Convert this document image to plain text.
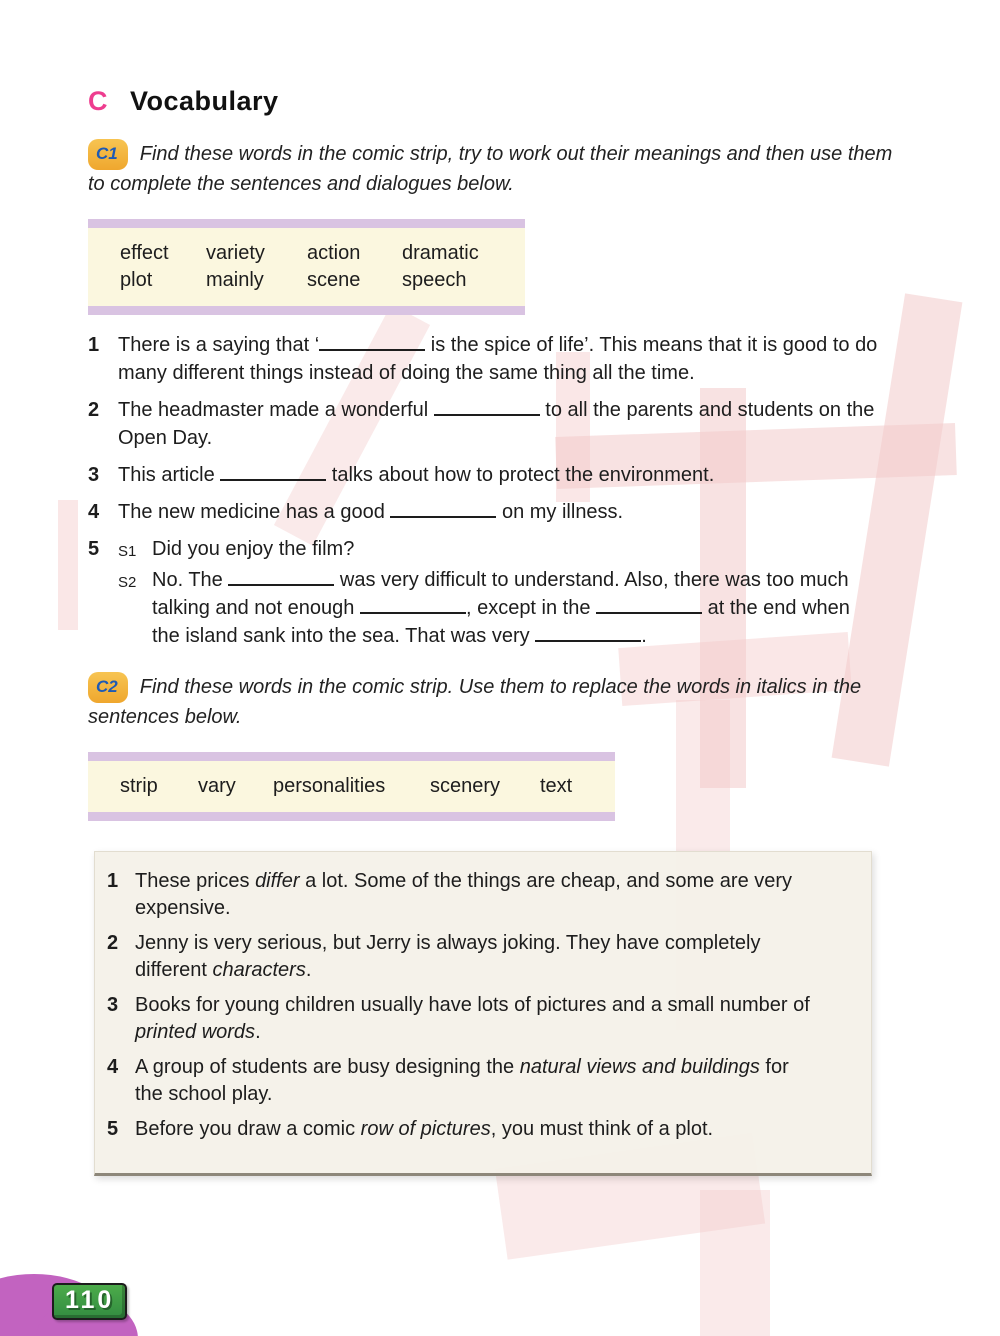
C Vocabulary

C1 Find these words in the comic strip, try to work out their meanings and then use them to complete the sentences and dialogues below.

effect variety action dramatic
plot	mainly scene speech
1 There is a saying that ‘	is the spice of life’. This means that it is good to do many different things instead of doing the same thing all the time.
2 The headmaster made a wonderful	to all the parents and students on the Open Day.
3 This article	talks about how to protect the environment.
4 The new medicine has a good	on my illness.
5	S1 Did you enjoy the film?
S2 No. The	was very difficult to understand. Also, there was too much talking and not enough	, except in the	at the end when the island sank into the sea. That was very	.

C2 Find these words in the comic strip. Use them to replace the words in italics in the sentences below.

strip vary personalities scenery text
1 These prices differ a lot. Some of the things are cheap, and some are very expensive.
2 Jenny is very serious, but Jerry is always joking. They have completely different characters.
3 Books for young children usually have lots of pictures and a small number of printed words.
4 A group of students are busy designing the natural views and buildings for the school play.
5 Before you draw a comic row of pictures, you must think of a plot.
110
